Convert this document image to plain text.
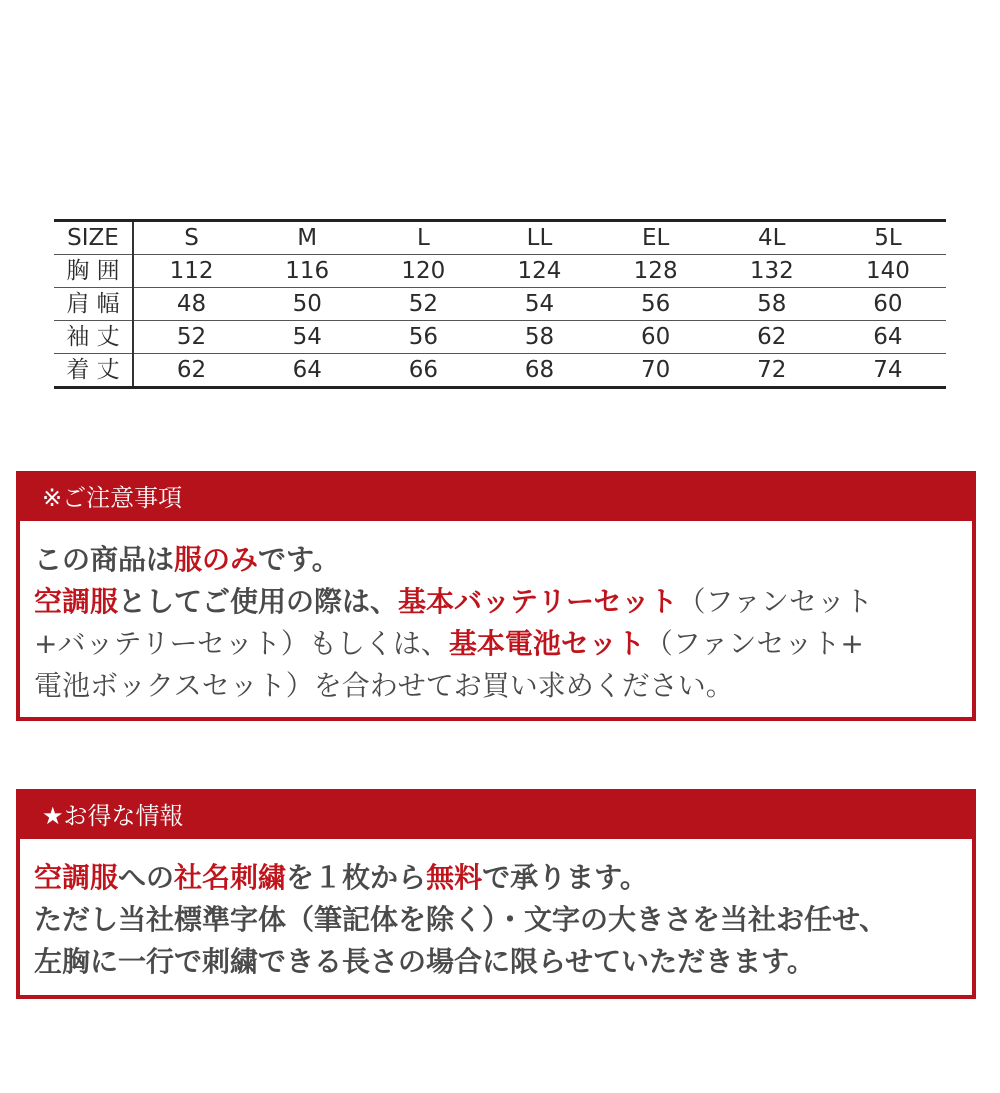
SIZE	S	M	L	LL	EL	4L	5L
胸 囲	112	116	120	124	128	132	140
肩 幅	48	50	52	54	56	58	60
袖 丈	52	54	56	58	60	62	64
着 丈	62	64	66	68	70	72	74
※ご注意事項
この商品は服のみです。
空調服としてご使用の際は、基本バッテリーセット（ファンセット
+バッテリーセット）もしくは、基本電池セット（ファンセット+
電池ボックスセット）を合わせてお買い求めください。
★お得な情報
空調服への社名刺繍を１枚から無料で承ります。
ただし当社標準字体（筆記体を除く）・文字の大きさを当社お任せ、
左胸に一行で刺繍できる長さの場合に限らせていただきます。
